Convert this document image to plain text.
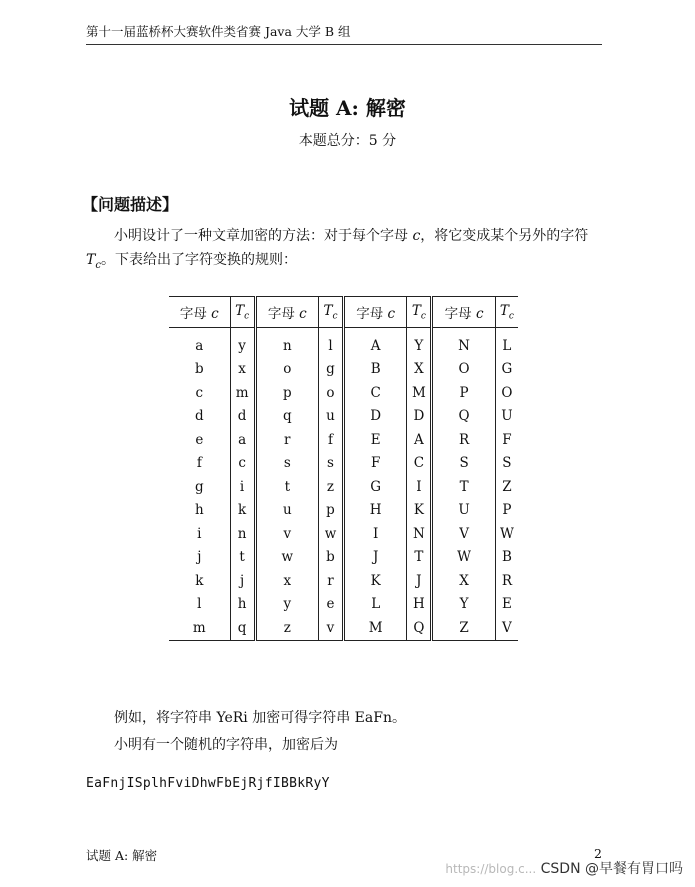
第十一届蓝桥杯大赛软件类省赛 Java 大学 B 组
试题 A: 解密
本题总分：5 分
【问题描述】

小明设计了一种文章加密的方法：对于每个字母 c，将它变成某个另外的字符 $T_c$。下表给出了字符变换的规则：

字母 c	$T_c$	字母 c	$T_c$	字母 c	$T_c$	字母 c	$T_c$
a	y	n	l	A	Y	N	L
b	x	o	g	B	X	O	G
c	m	p	o	C	M	P	O
d	d	q	u	D	D	Q	U
e	a	r	f	E	A	R	F
f	c	s	s	F	C	S	S
g	i	t	z	G	I	T	Z
h	k	u	p	H	K	U	P
i	n	v	w	I	N	V	W
j	t	w	b	J	T	W	B
k	j	x	r	K	J	X	R
l	h	y	e	L	H	Y	E
m	q	z	v	M	Q	Z	V

例如，将字符串 YeRi 加密可得字符串 EaFn。

小明有一个随机的字符串，加密后为

EaFnjISplhFviDhwFbEjRjfIBBkRyY
试题 A: 解密	2
https://blog.c... CSDN @早餐有胃口吗
